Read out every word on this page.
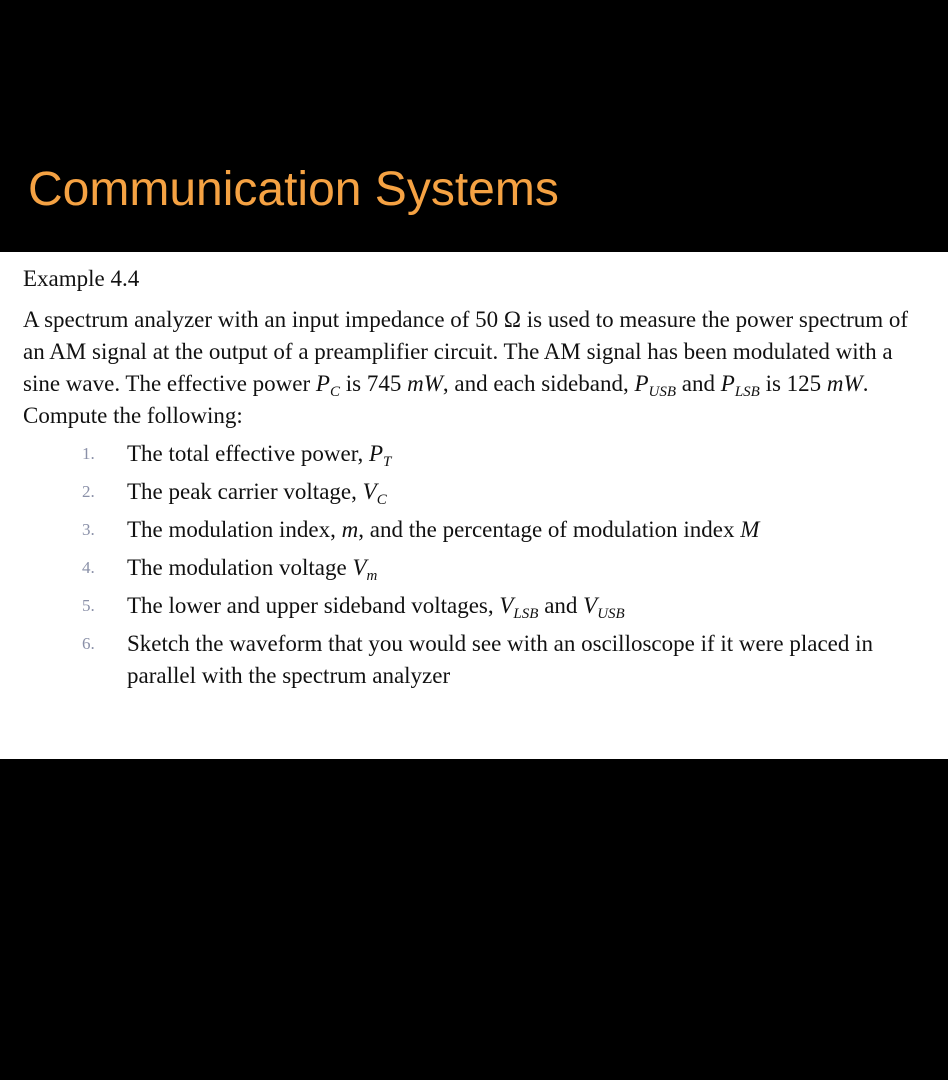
Communication Systems

Example 4.4

A spectrum analyzer with an input impedance of 50 Ω is used to measure the power spectrum of an AM signal at the output of a preamplifier circuit. The AM signal has been modulated with a sine wave. The effective power $P_C$ is 745 mW, and each sideband, $P_{USB}$ and $P_{LSB}$ is 125 mW. Compute the following:

1. The total effective power, $P_T$
2. The peak carrier voltage, $V_C$
3. The modulation index, m, and the percentage of modulation index M
4. The modulation voltage $V_m$
5. The lower and upper sideband voltages, $V_{LSB}$ and $V_{USB}$
6. Sketch the waveform that you would see with an oscilloscope if it were placed in parallel with the spectrum analyzer
